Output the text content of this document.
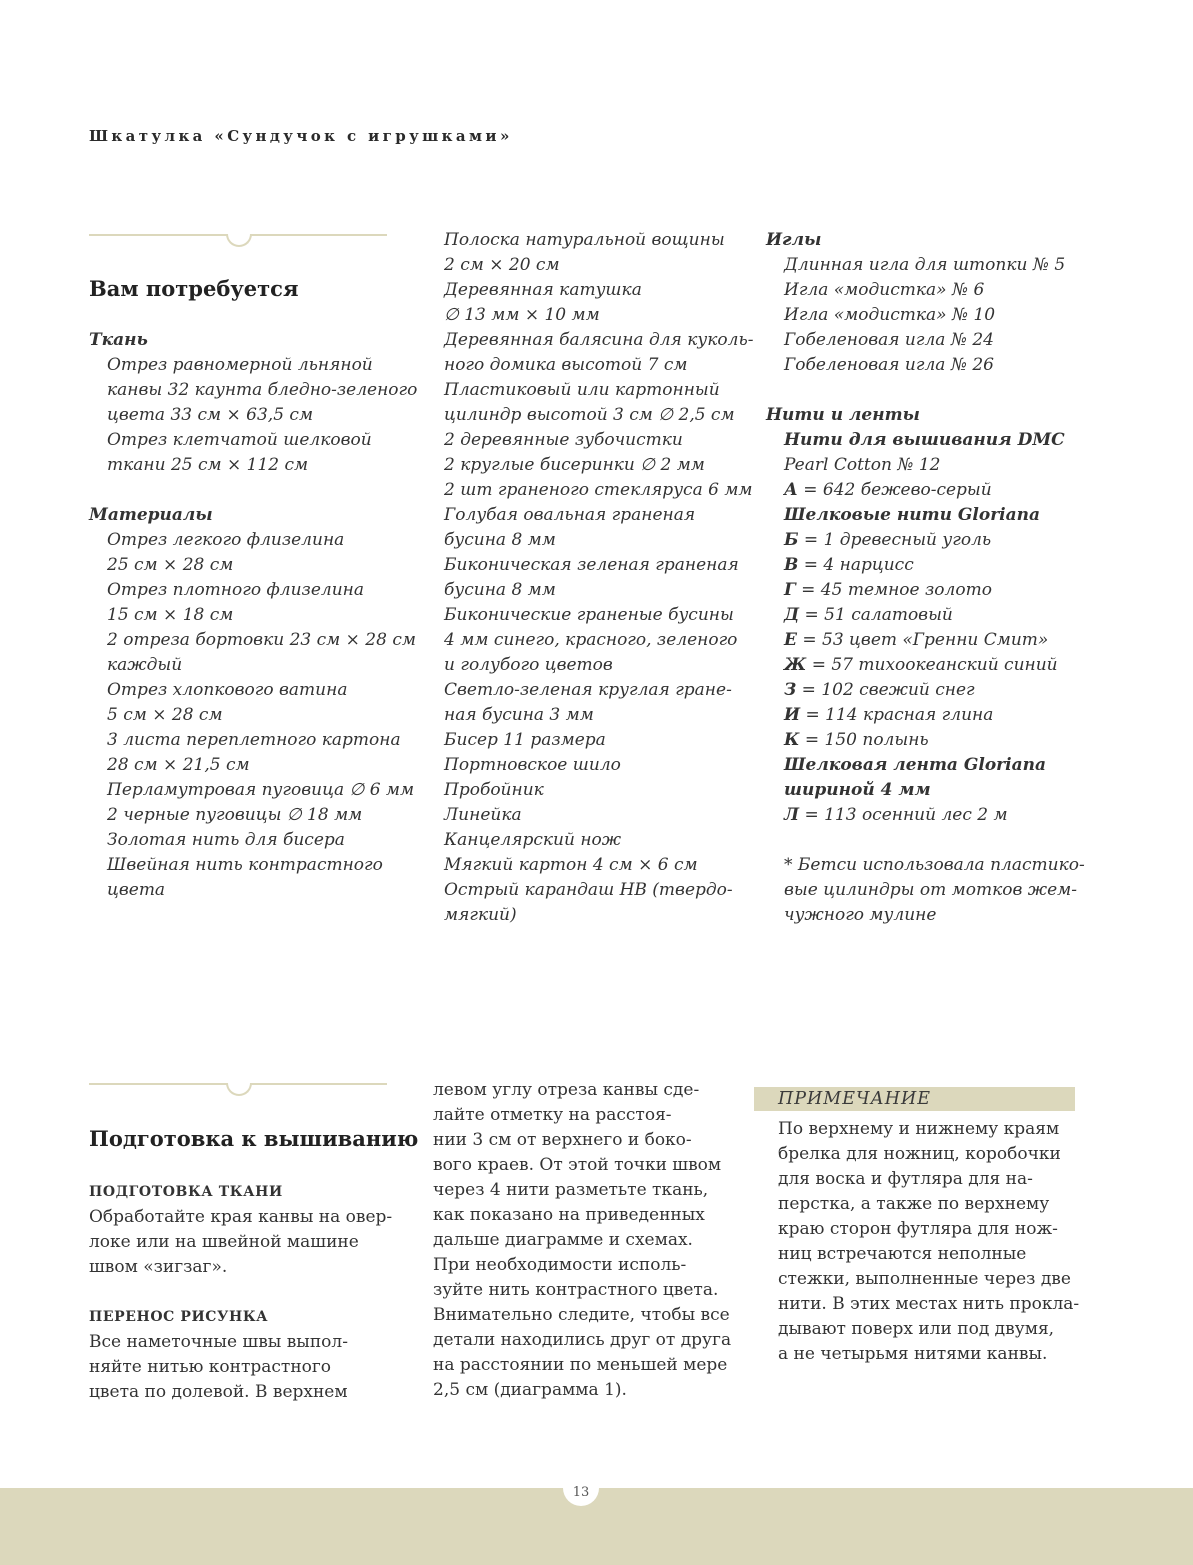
Шкатулка «Сундучок с игрушками»
Вам потребуется
Ткань
Отрез равномерной льняной
канвы 32 каунта бледно-зеленого
цвета 33 см × 63,5 см
Отрез клетчатой шелковой
ткани 25 см × 112 см

Материалы
Отрез легкого флизелина
25 см × 28 см
Отрез плотного флизелина
15 см × 18 см
2 отреза бортовки 23 см × 28 см
каждый
Отрез хлопкового ватина
5 см × 28 см
3 листа переплетного картона
28 см × 21,5 см
Перламутровая пуговица ∅ 6 мм
2 черные пуговицы ∅ 18 мм
Золотая нить для бисера
Швейная нить контрастного
цвета
Полоска натуральной вощины
2 см × 20 см
Деревянная катушка
∅ 13 мм × 10 мм
Деревянная балясина для куколь-
ного домика высотой 7 см
Пластиковый или картонный
цилиндр высотой 3 см ∅ 2,5 см
2 деревянные зубочистки
2 круглые бисеринки ∅ 2 мм
2 шт граненого стекляруса 6 мм
Голубая овальная граненая
бусина 8 мм
Биконическая зеленая граненая
бусина 8 мм
Биконические граненые бусины
4 мм синего, красного, зеленого
и голубого цветов
Светло-зеленая круглая гране-
ная бусина 3 мм
Бисер 11 размера
Портновское шило
Пробойник
Линейка
Канцелярский нож
Мягкий картон 4 см × 6 см
Острый карандаш HB (твердо-
мягкий)
Иглы
Длинная игла для штопки № 5
Игла «модистка» № 6
Игла «модистка» № 10
Гобеленовая игла № 24
Гобеленовая игла № 26

Нити и ленты
Нити для вышивания DMC
Pearl Cotton № 12
А = 642 бежево-серый
Шелковые нити Gloriana
Б = 1 древесный уголь
В = 4 нарцисс
Г = 45 темное золото
Д = 51 салатовый
Е = 53 цвет «Гренни Смит»
Ж = 57 тихоокеанский синий
З = 102 свежий снег
И = 114 красная глина
К = 150 полынь
Шелковая лента Gloriana
шириной 4 мм
Л = 113 осенний лес 2 м

* Бетси использовала пластико-
вые цилиндры от мотков жем-
чужного мулине
Подготовка к вышиванию
ПОДГОТОВКА ТКАНИ
Обработайте края канвы на овер-
локе или на швейной машине
швом «зигзаг».

ПЕРЕНОС РИСУНКА
Все наметочные швы выпол-
няйте нитью контрастного
цвета по долевой. В верхнем
левом углу отреза канвы сде-
лайте отметку на расстоя-
нии 3 см от верхнего и боко-
вого краев. От этой точки швом
через 4 нити разметьте ткань,
как показано на приведенных
дальше диаграмме и схемах.
При необходимости исполь-
зуйте нить контрастного цвета.
Внимательно следите, чтобы все
детали находились друг от друга
на расстоянии по меньшей мере
2,5 см (диаграмма 1).
ПРИМЕЧАНИЕ
По верхнему и нижнему краям
брелка для ножниц, коробочки
для воска и футляра для на-
перстка, а также по верхнему
краю сторон футляра для нож-
ниц встречаются неполные
стежки, выполненные через две
нити. В этих местах нить прокла-
дывают поверх или под двумя,
а не четырьмя нитями канвы.
13
